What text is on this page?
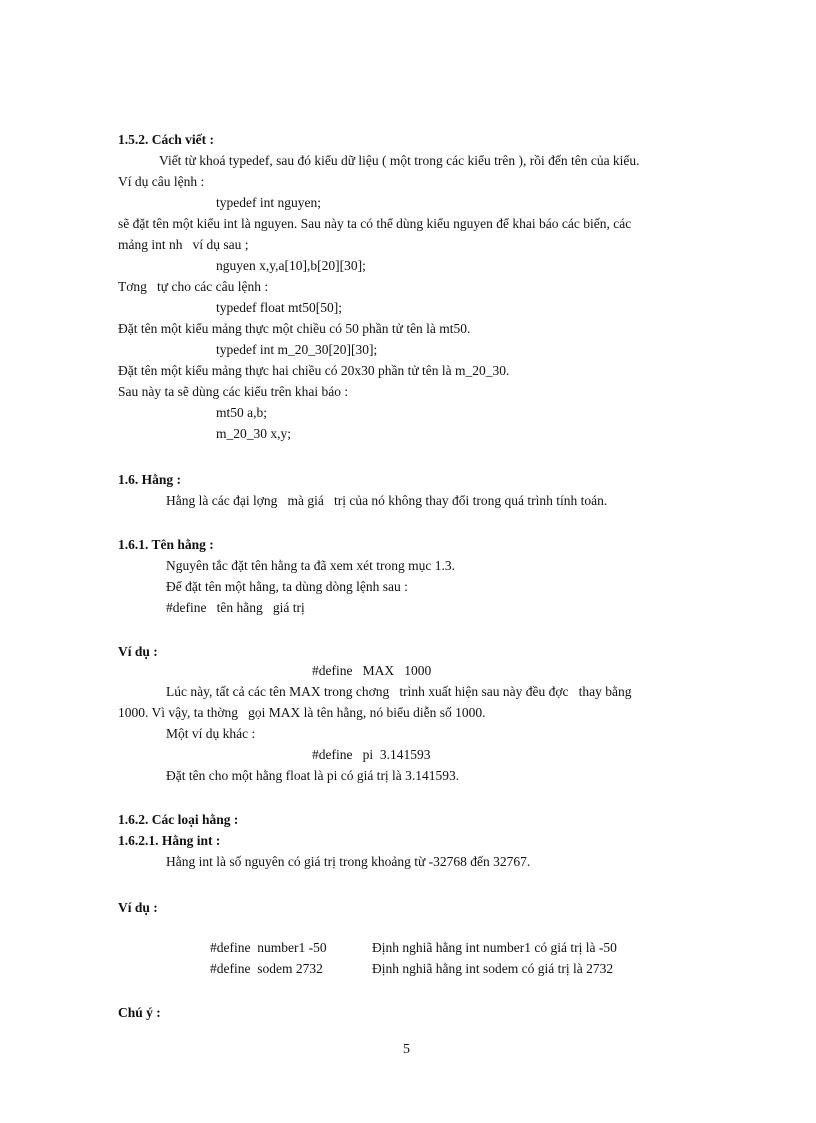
1.5.2. Cách viết :
Viết từ khoá typedef, sau đó kiểu dữ liệu ( một trong các kiểu trên ), rồi đến tên của kiểu.
Ví dụ câu lệnh :
typedef int nguyen;
sẽ đặt tên một kiểu int là nguyen. Sau này ta có thể dùng kiểu nguyen để khai báo các biến, các
mảng int nh   ví dụ sau ;
nguyen x,y,a[10],b[20][30];
Tơng   tự cho các câu lệnh :
typedef float mt50[50];
Đặt tên một kiểu mảng thực một chiều có 50 phần tử tên là mt50.
typedef int m_20_30[20][30];
Đặt tên một kiểu mảng thực hai chiều có 20x30 phần tử tên là m_20_30.
Sau này ta sẽ dùng các kiểu trên khai báo :
mt50 a,b;
m_20_30 x,y;
1.6. Hằng :
Hằng là các đại lợng   mà giá   trị của nó không thay đổi trong quá trình tính toán.
1.6.1. Tên hằng :
Nguyên tắc đặt tên hằng ta đã xem xét trong mục 1.3.
Để đặt tên một hằng, ta dùng dòng lệnh sau :
#define   tên hằng   giá trị
Ví dụ :
#define   MAX   1000
Lúc này, tất cả các tên MAX trong chơng   trình xuất hiện sau này đều đợc   thay bằng
1000. Vì vậy, ta thờng   gọi MAX là tên hằng, nó biểu diễn số 1000.
Một ví dụ khác :
#define   pi  3.141593
Đặt tên cho một hằng float là pi có giá trị là 3.141593.
1.6.2. Các loại hằng :
1.6.2.1. Hằng int :
Hằng int là số nguyên có giá trị trong khoảng từ -32768 đến 32767.
Ví dụ :
#define  number1 -50	Định nghiã hằng int number1 có giá trị là -50
#define  sodem 2732	Định nghiã hằng int sodem có giá trị là 2732
Chú ý :
5
